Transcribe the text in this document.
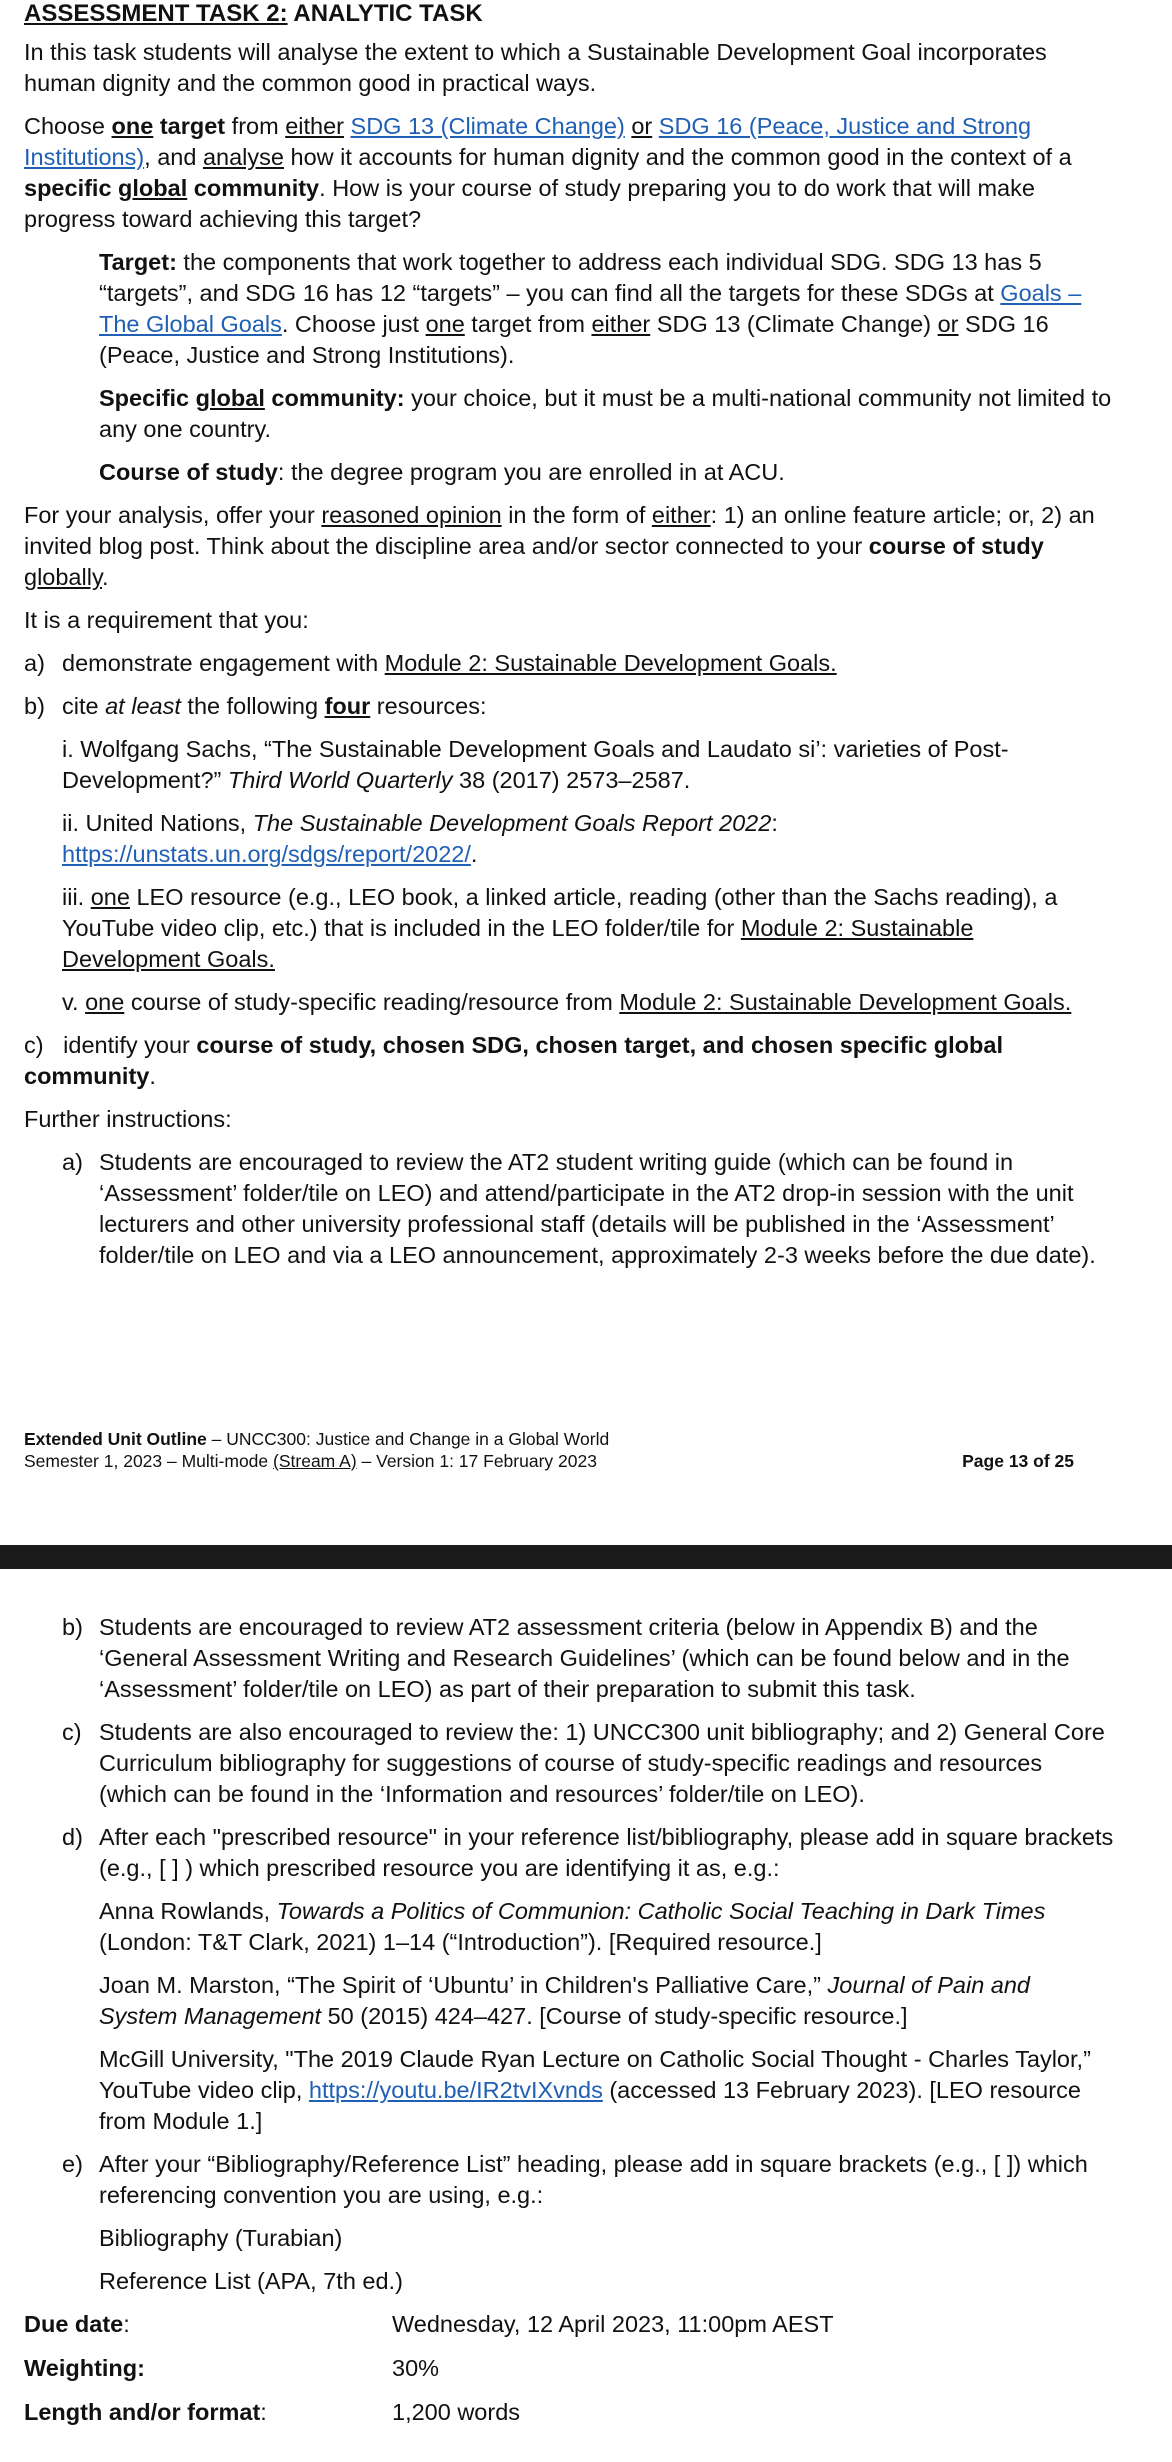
ASSESSMENT TASK 2: ANALYTIC TASK

In this task students will analyse the extent to which a Sustainable Development Goal incorporates human dignity and the common good in practical ways.

Choose one target from either SDG 13 (Climate Change) or SDG 16 (Peace, Justice and Strong Institutions), and analyse how it accounts for human dignity and the common good in the context of a specific global community. How is your course of study preparing you to do work that will make progress toward achieving this target?

Target: the components that work together to address each individual SDG. SDG 13 has 5 “targets”, and SDG 16 has 12 “targets” – you can find all the targets for these SDGs at Goals – The Global Goals. Choose just one target from either SDG 13 (Climate Change) or SDG 16 (Peace, Justice and Strong Institutions).

Specific global community: your choice, but it must be a multi-national community not limited to any one country.

Course of study: the degree program you are enrolled in at ACU.

For your analysis, offer your reasoned opinion in the form of either: 1) an online feature article; or, 2) an invited blog post. Think about the discipline area and/or sector connected to your course of study globally.

It is a requirement that you:

a) demonstrate engagement with Module 2: Sustainable Development Goals.
b) cite at least the following four resources:

i. Wolfgang Sachs, “The Sustainable Development Goals and Laudato si’: varieties of Post-Development?” Third World Quarterly 38 (2017) 2573–2587.

ii. United Nations, The Sustainable Development Goals Report 2022: https://unstats.un.org/sdgs/report/2022/.

iii. one LEO resource (e.g., LEO book, a linked article, reading (other than the Sachs reading), a YouTube video clip, etc.) that is included in the LEO folder/tile for Module 2: Sustainable Development Goals.

v. one course of study-specific reading/resource from Module 2: Sustainable Development Goals.

c) identify your course of study, chosen SDG, chosen target, and chosen specific global community.

Further instructions:

a) Students are encouraged to review the AT2 student writing guide (which can be found in ‘Assessment’ folder/tile on LEO) and attend/participate in the AT2 drop-in session with the unit lecturers and other university professional staff (details will be published in the ‘Assessment’ folder/tile on LEO and via a LEO announcement, approximately 2-3 weeks before the due date).
Extended Unit Outline – UNCC300: Justice and Change in a Global World
Semester 1, 2023 – Multi-mode (Stream A) – Version 1: 17 February 2023	Page 13 of 25
b) Students are encouraged to review AT2 assessment criteria (below in Appendix B) and the ‘General Assessment Writing and Research Guidelines’ (which can be found below and in the ‘Assessment’ folder/tile on LEO) as part of their preparation to submit this task.
c) Students are also encouraged to review the: 1) UNCC300 unit bibliography; and 2) General Core Curriculum bibliography for suggestions of course of study-specific readings and resources (which can be found in the ‘Information and resources’ folder/tile on LEO).
d) After each "prescribed resource" in your reference list/bibliography, please add in square brackets (e.g., [ ] ) which prescribed resource you are identifying it as, e.g.:

Anna Rowlands, Towards a Politics of Communion: Catholic Social Teaching in Dark Times (London: T&T Clark, 2021) 1–14 (“Introduction”). [Required resource.]

Joan M. Marston, “The Spirit of ‘Ubuntu’ in Children's Palliative Care,” Journal of Pain and System Management 50 (2015) 424–427. [Course of study-specific resource.]

McGill University, "The 2019 Claude Ryan Lecture on Catholic Social Thought - Charles Taylor,” YouTube video clip, https://youtu.be/IR2tvIXvnds (accessed 13 February 2023). [LEO resource from Module 1.]

e) After your “Bibliography/Reference List” heading, please add in square brackets (e.g., [ ]) which referencing convention you are using, e.g.:

Bibliography (Turabian)

Reference List (APA, 7th ed.)

Due date:	Wednesday, 12 April 2023, 11:00pm AEST
Weighting:	30%
Length and/or format:	1,200 words
